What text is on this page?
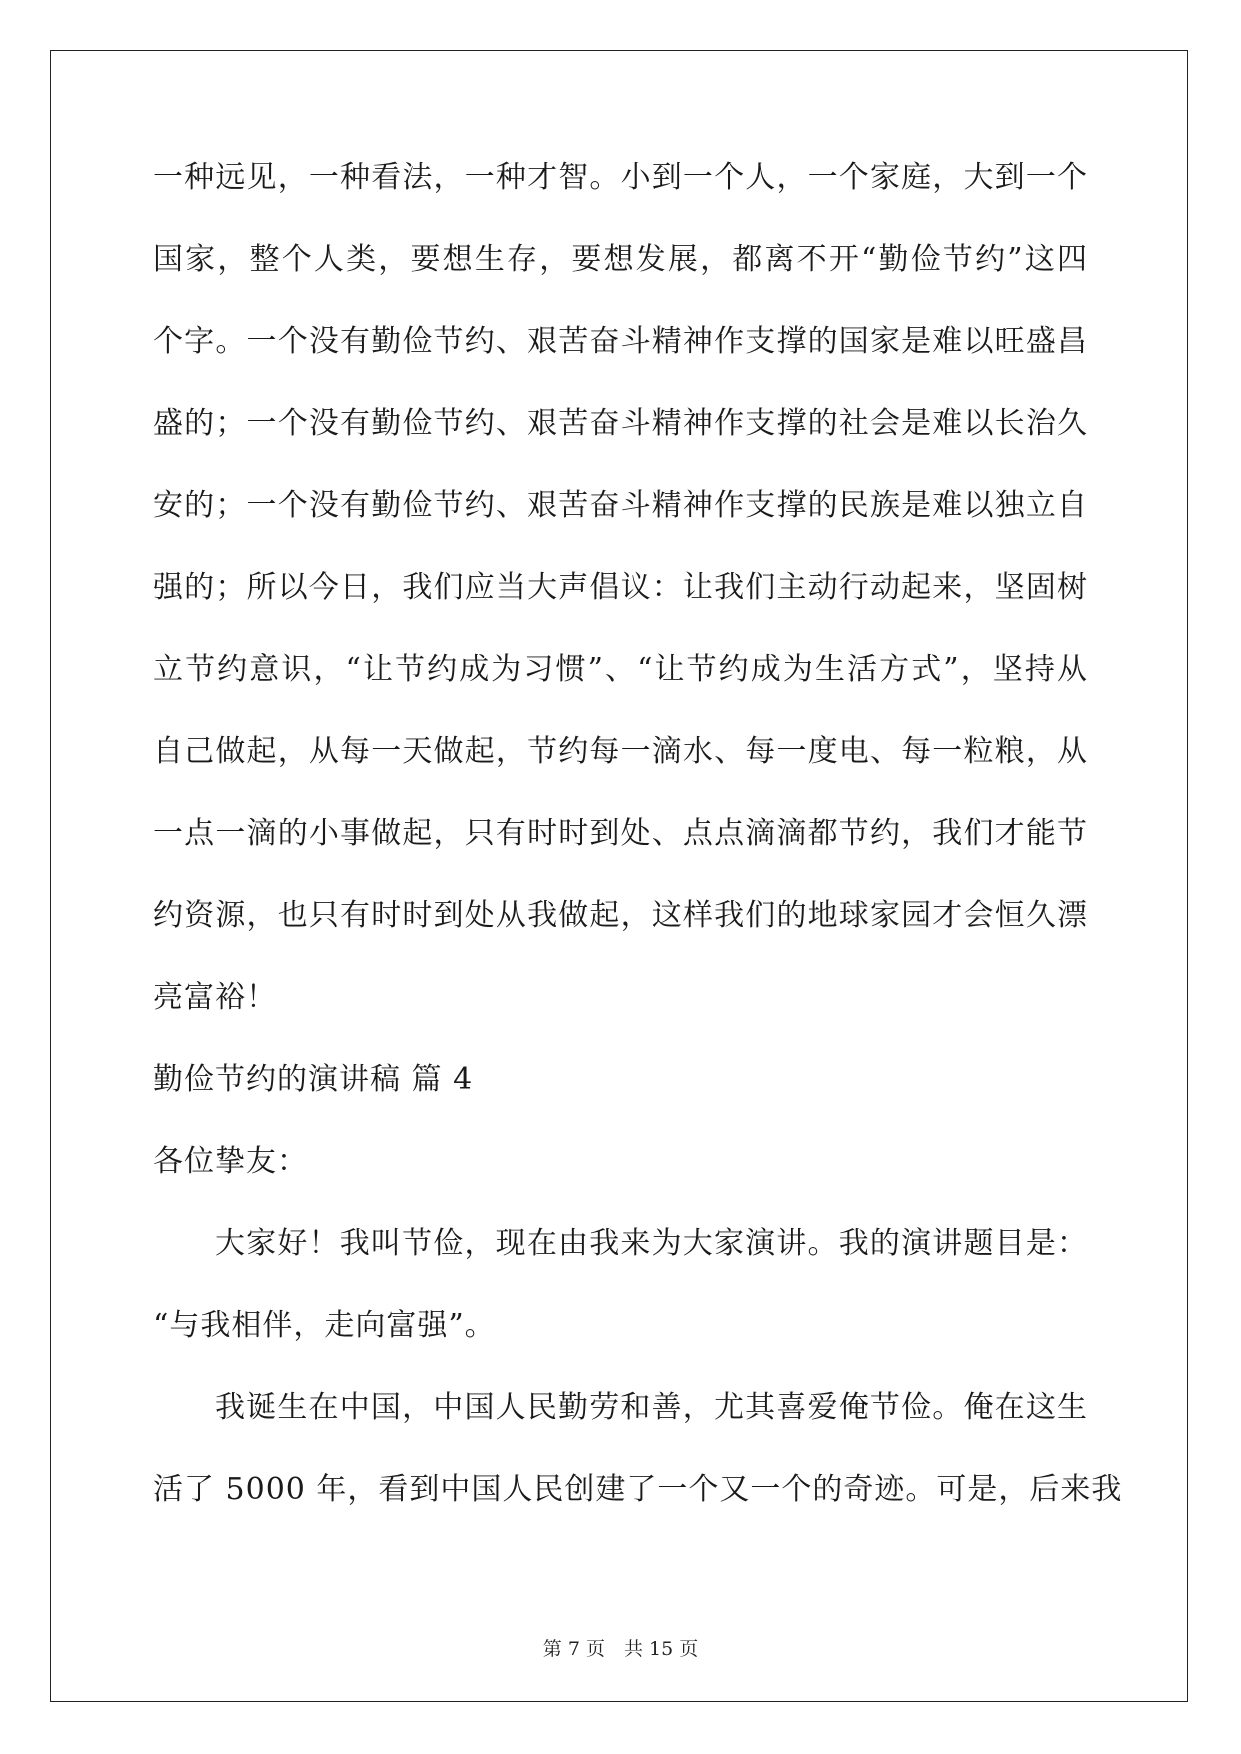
一种远见，一种看法，一种才智。小到一个人，一个家庭，大到一个
国家，整个人类，要想生存，要想发展，都离不开“勤俭节约”这四
个字。一个没有勤俭节约、艰苦奋斗精神作支撑的国家是难以旺盛昌
盛的；一个没有勤俭节约、艰苦奋斗精神作支撑的社会是难以长治久
安的；一个没有勤俭节约、艰苦奋斗精神作支撑的民族是难以独立自
强的；所以今日，我们应当大声倡议：让我们主动行动起来，坚固树
立节约意识，“让节约成为习惯”、“让节约成为生活方式”，坚持从
自己做起，从每一天做起，节约每一滴水、每一度电、每一粒粮，从
一点一滴的小事做起，只有时时到处、点点滴滴都节约，我们才能节
约资源，也只有时时到处从我做起，这样我们的地球家园才会恒久漂
亮富裕！
勤俭节约的演讲稿 篇 4
各位挚友：
大家好！我叫节俭，现在由我来为大家演讲。我的演讲题目是：
“与我相伴，走向富强”。
我诞生在中国，中国人民勤劳和善，尤其喜爱俺节俭。俺在这生
活了 5000 年，看到中国人民创建了一个又一个的奇迹。可是，后来我
第 7 页　共 15 页
